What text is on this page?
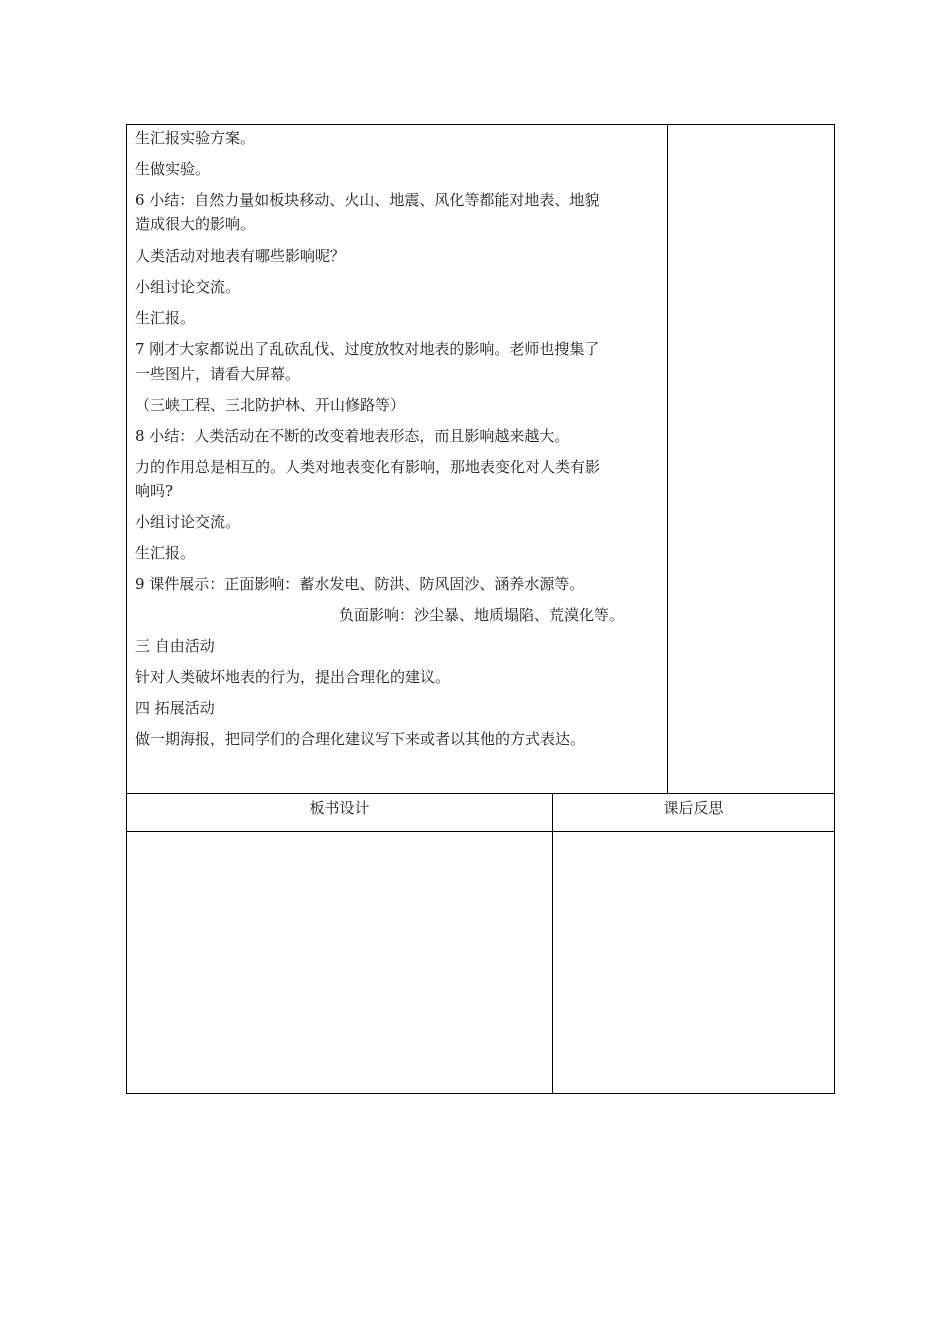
生汇报实验方案。
生做实验。
6 小结：自然力量如板块移动、火山、地震、风化等都能对地表、地貌
造成很大的影响。
人类活动对地表有哪些影响呢？
小组讨论交流。
生汇报。
7 刚才大家都说出了乱砍乱伐、过度放牧对地表的影响。老师也搜集了
一些图片，请看大屏幕。
（三峡工程、三北防护林、开山修路等）
8 小结：人类活动在不断的改变着地表形态，而且影响越来越大。
力的作用总是相互的。人类对地表变化有影响，那地表变化对人类有影
响吗?
小组讨论交流。
生汇报。
9 课件展示：正面影响：蓄水发电、防洪、防风固沙、涵养水源等。
负面影响：沙尘暴、地质塌陷、荒漠化等。
三 自由活动
针对人类破坏地表的行为，提出合理化的建议。
四 拓展活动
做一期海报，把同学们的合理化建议写下来或者以其他的方式表达。
板书设计	课后反思
